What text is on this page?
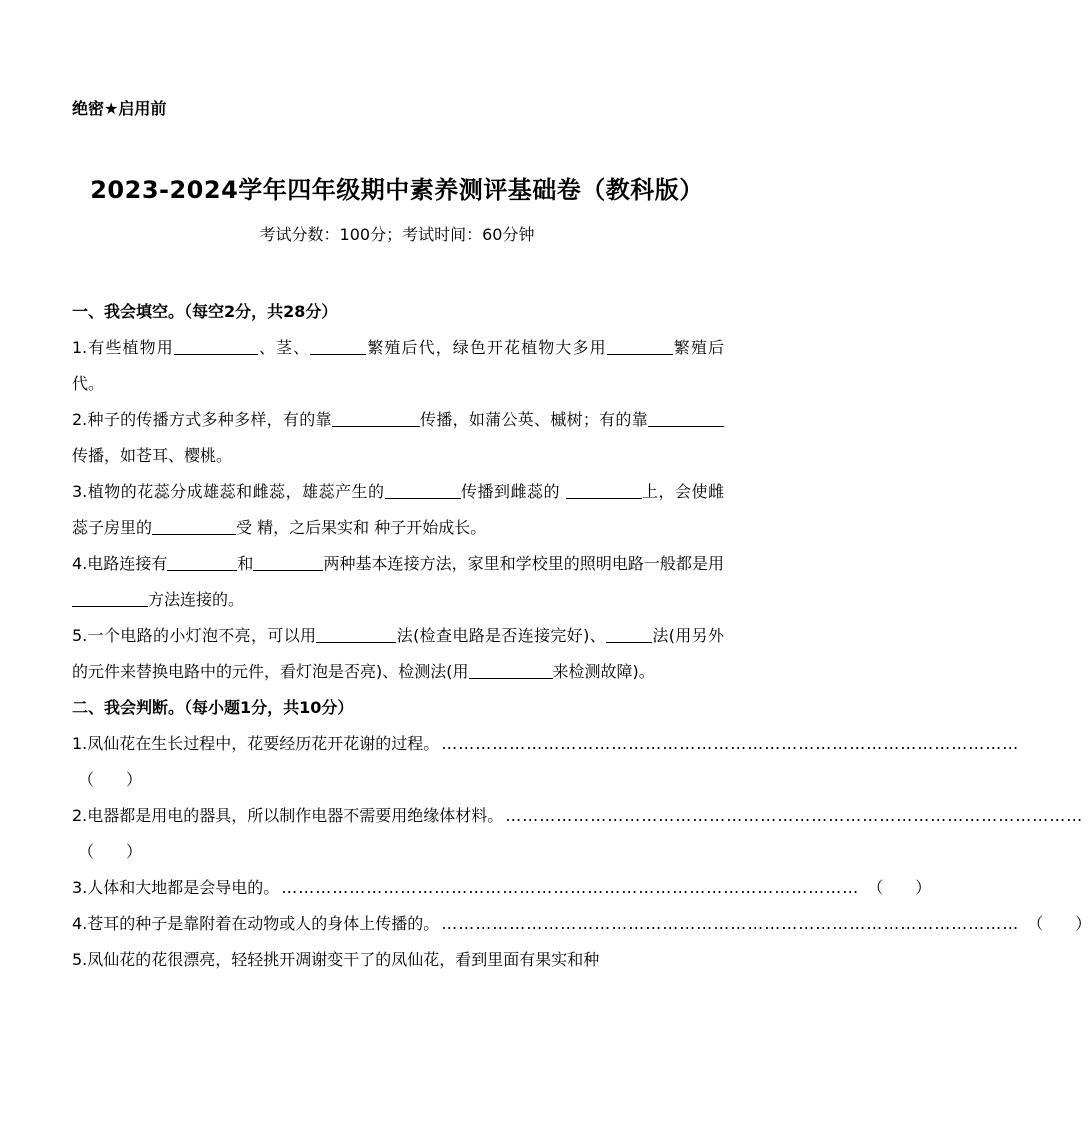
绝密★启用前
2023-2024学年四年级期中素养测评基础卷（教科版）
考试分数：100分；考试时间：60分钟
一、我会填空。（每空2分，共28分）
1.有些植物用	、茎、	繁殖后代，绿色开花植物大多用	繁殖后代。
2.种子的传播方式多种多样，有的靠	传播，如蒲公英、槭树；有的靠传播，如苍耳、樱桃。
3.植物的花蕊分成雄蕊和雌蕊，雄蕊产生的	传播到雌蕊的	上，会使雌蕊子房里的	受 精，之后果实和 种子开始成长。
4.电路连接有	和	两种基本连接方法，家里和学校里的照明电路一般都是用方法连接的。
5.一个电路的小灯泡不亮，可以用	法(检查电路是否连接完好)、	法(用另外的元件来替换电路中的元件，看灯泡是否亮)、检测法(用	来检测故障)。
二、我会判断。（每小题1分，共10分）
1.凤仙花在生长过程中，花要经历花开花谢的过程。 …………………………………………………………………………………………
（　　）
2.电器都是用电的器具，所以制作电器不需要用绝缘体材料。 …………………………………………………………………………………………
（　　）
3.人体和大地都是会导电的。 ………………………………………………………………………………………… （　　）
4.苍耳的种子是靠附着在动物或人的身体上传播的。 ………………………………………………………………………………………… （　　）
5.凤仙花的花很漂亮，轻轻挑开凋谢变干了的凤仙花，看到里面有果实和种
